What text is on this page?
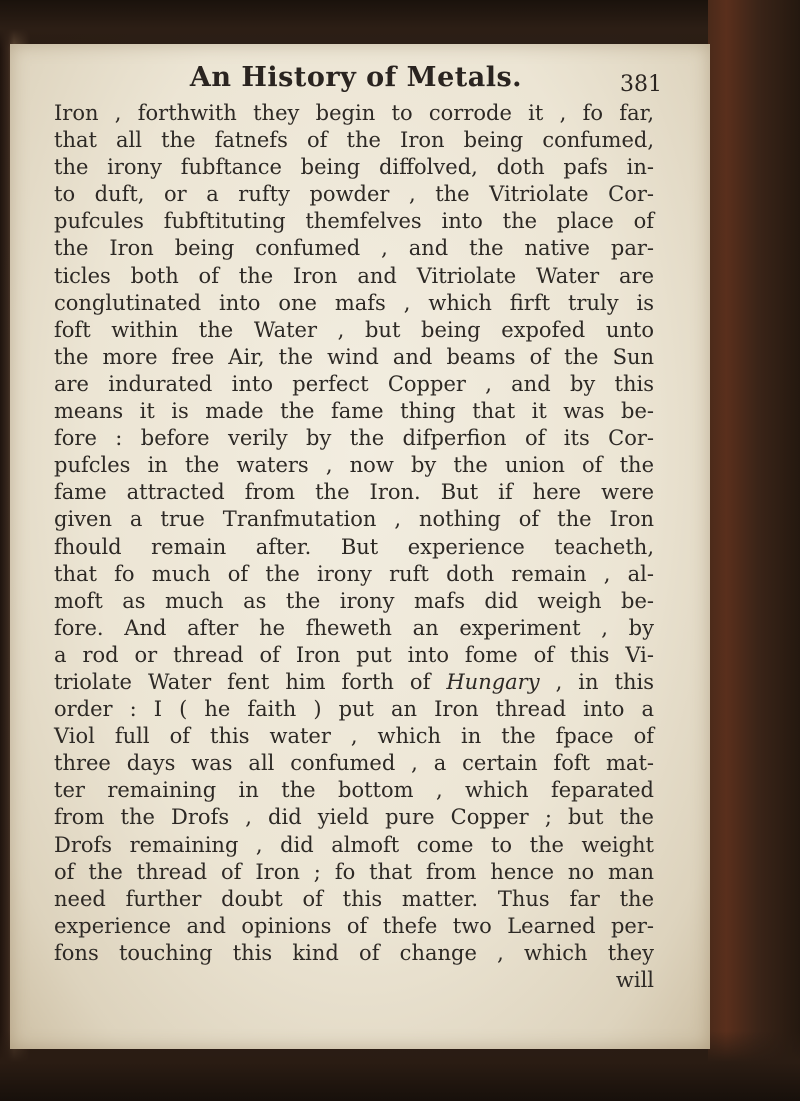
An History of Metals.	381
Iron , forthwith they begin to corrode it , fo far,
that all the fatnefs of the Iron being confumed,
the irony fubftance being diffolved, doth pafs in-
to duft, or a rufty powder , the Vitriolate Cor-
pufcules fubftituting themfelves into the place of
the Iron being confumed , and the native par-
ticles both of the Iron and Vitriolate Water are
conglutinated into one mafs , which firft truly is
foft within the Water , but being expofed unto
the more free Air, the wind and beams of the Sun
are indurated into perfect Copper , and by this
means it is made the fame thing that it was be-
fore : before verily by the difperfion of its Cor-
pufcles in the waters , now by the union of the
fame attracted from the Iron. But if here were
given a true Tranfmutation , nothing of the Iron
fhould remain after. But experience teacheth,
that fo much of the irony ruft doth remain , al-
moft as much as the irony mafs did weigh be-
fore. And after he fheweth an experiment , by
a rod or thread of Iron put into fome of this Vi-
triolate Water fent him forth of Hungary , in this
order : I ( he faith ) put an Iron thread into a
Viol full of this water , which in the fpace of
three days was all confumed , a certain foft mat-
ter remaining in the bottom , which feparated
from the Drofs , did yield pure Copper ; but the
Drofs remaining , did almoft come to the weight
of the thread of Iron ; fo that from hence no man
need further doubt of this matter. Thus far the
experience and opinions of thefe two Learned per-
fons touching this kind of change , which they
will
